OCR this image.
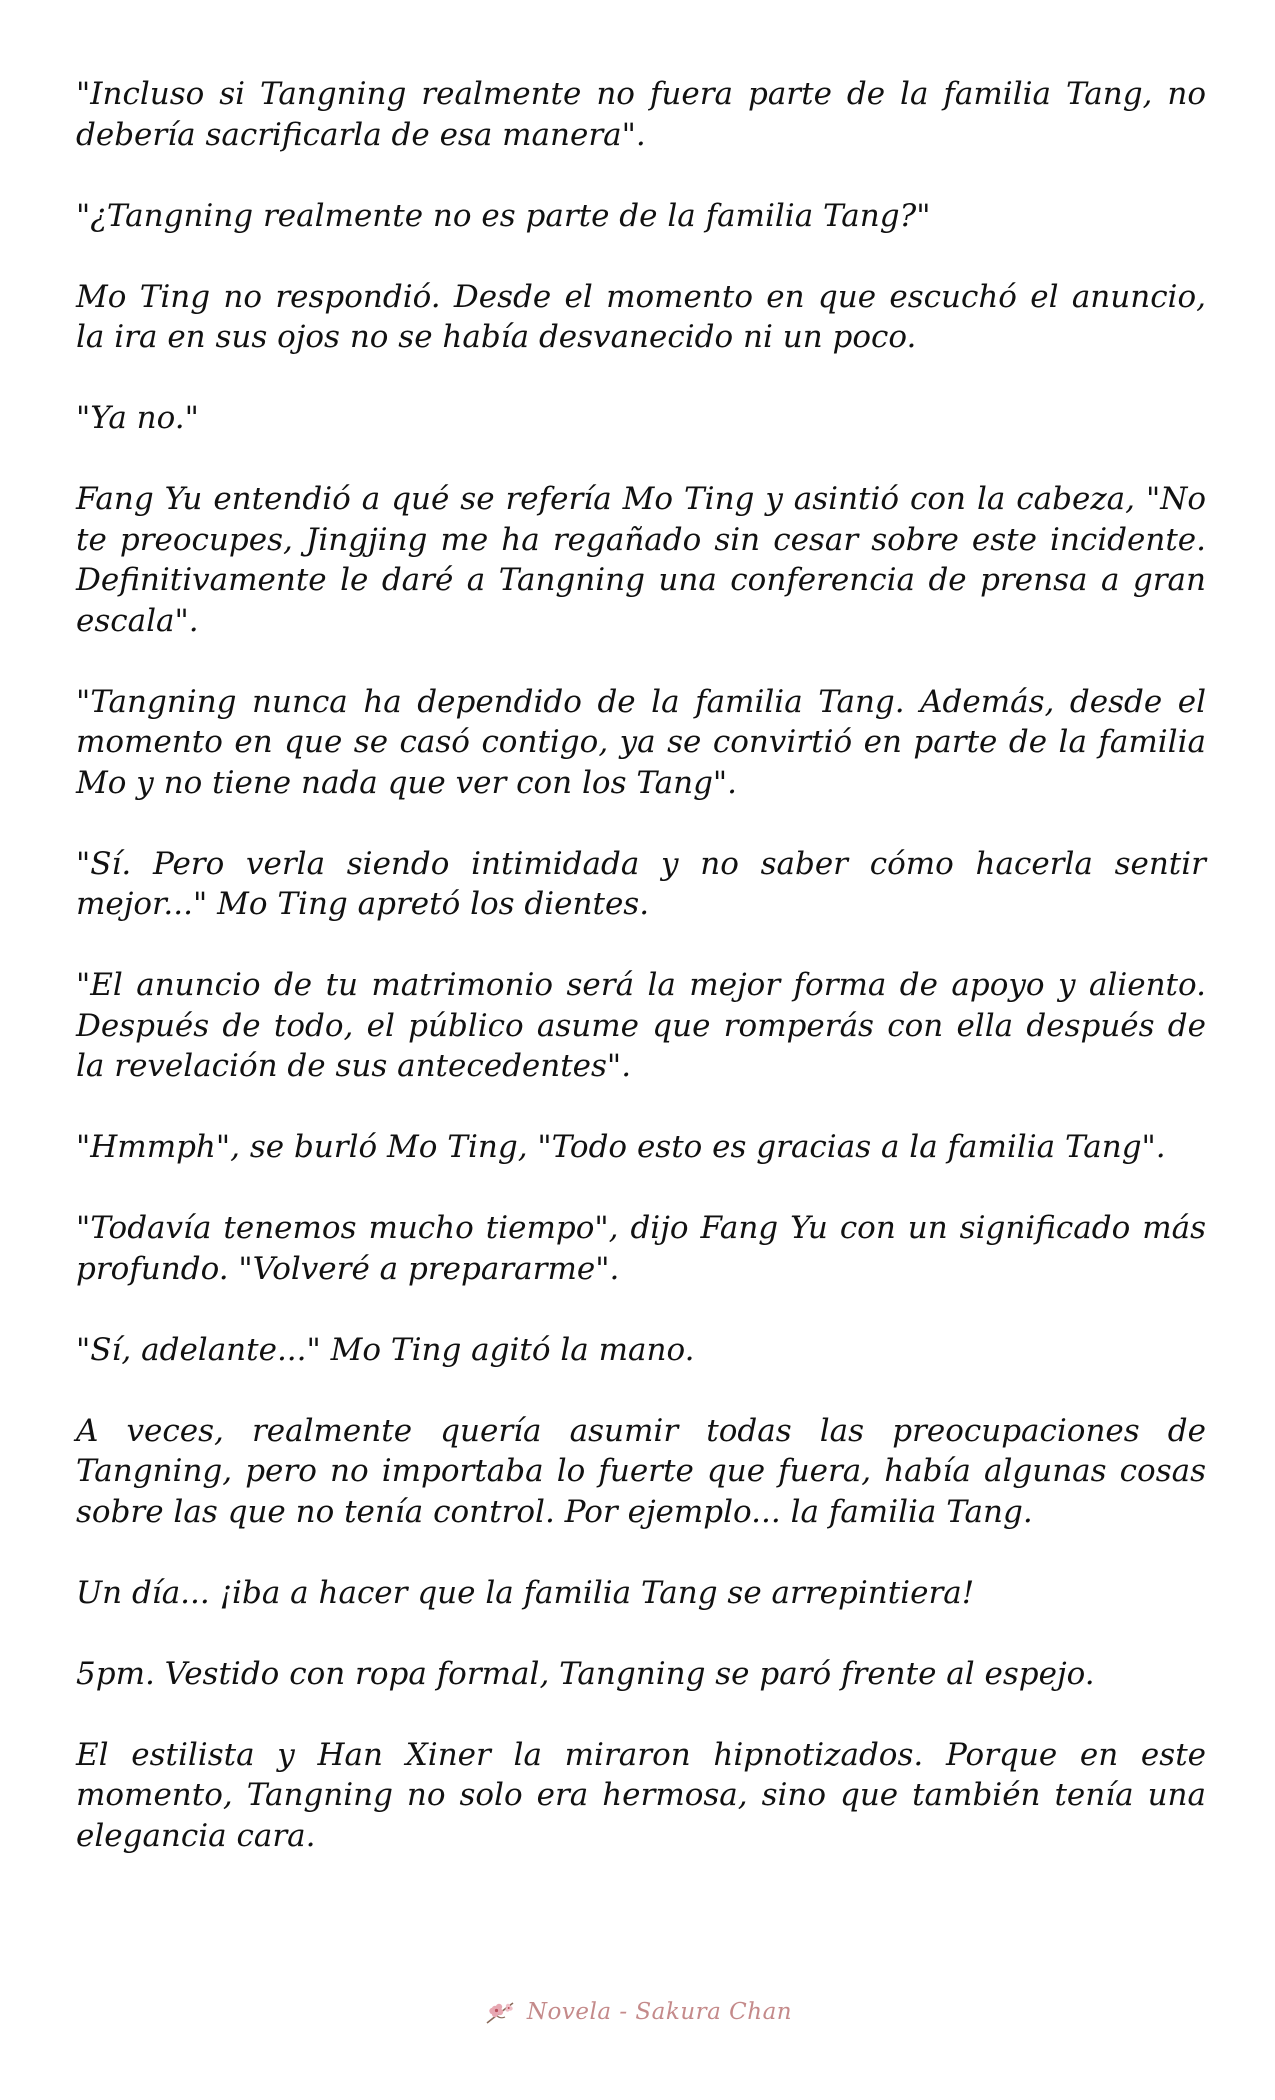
"Incluso si Tangning realmente no fuera parte de la familia Tang, no debería sacrificarla de esa manera".

"¿Tangning realmente no es parte de la familia Tang?"

Mo Ting no respondió. Desde el momento en que escuchó el anuncio, la ira en sus ojos no se había desvanecido ni un poco.

"Ya no."

Fang Yu entendió a qué se refería Mo Ting y asintió con la cabeza, "No te preocupes, Jingjing me ha regañado sin cesar sobre este incidente. Definitivamente le daré a Tangning una conferencia de prensa a gran escala".

"Tangning nunca ha dependido de la familia Tang. Además, desde el momento en que se casó contigo, ya se convirtió en parte de la familia Mo y no tiene nada que ver con los Tang".

"Sí. Pero verla siendo intimidada y no saber cómo hacerla sentir mejor..." Mo Ting apretó los dientes.

"El anuncio de tu matrimonio será la mejor forma de apoyo y aliento. Después de todo, el público asume que romperás con ella después de la revelación de sus antecedentes".

"Hmmph", se burló Mo Ting, "Todo esto es gracias a la familia Tang".

"Todavía tenemos mucho tiempo", dijo Fang Yu con un significado más profundo. "Volveré a prepararme".

"Sí, adelante..." Mo Ting agitó la mano.

A veces, realmente quería asumir todas las preocupaciones de Tangning, pero no importaba lo fuerte que fuera, había algunas cosas sobre las que no tenía control. Por ejemplo... la familia Tang.

Un día... ¡iba a hacer que la familia Tang se arrepintiera!

5pm. Vestido con ropa formal, Tangning se paró frente al espejo.

El estilista y Han Xiner la miraron hipnotizados. Porque en este momento, Tangning no solo era hermosa, sino que también tenía una elegancia cara.

Novela - Sakura Chan
